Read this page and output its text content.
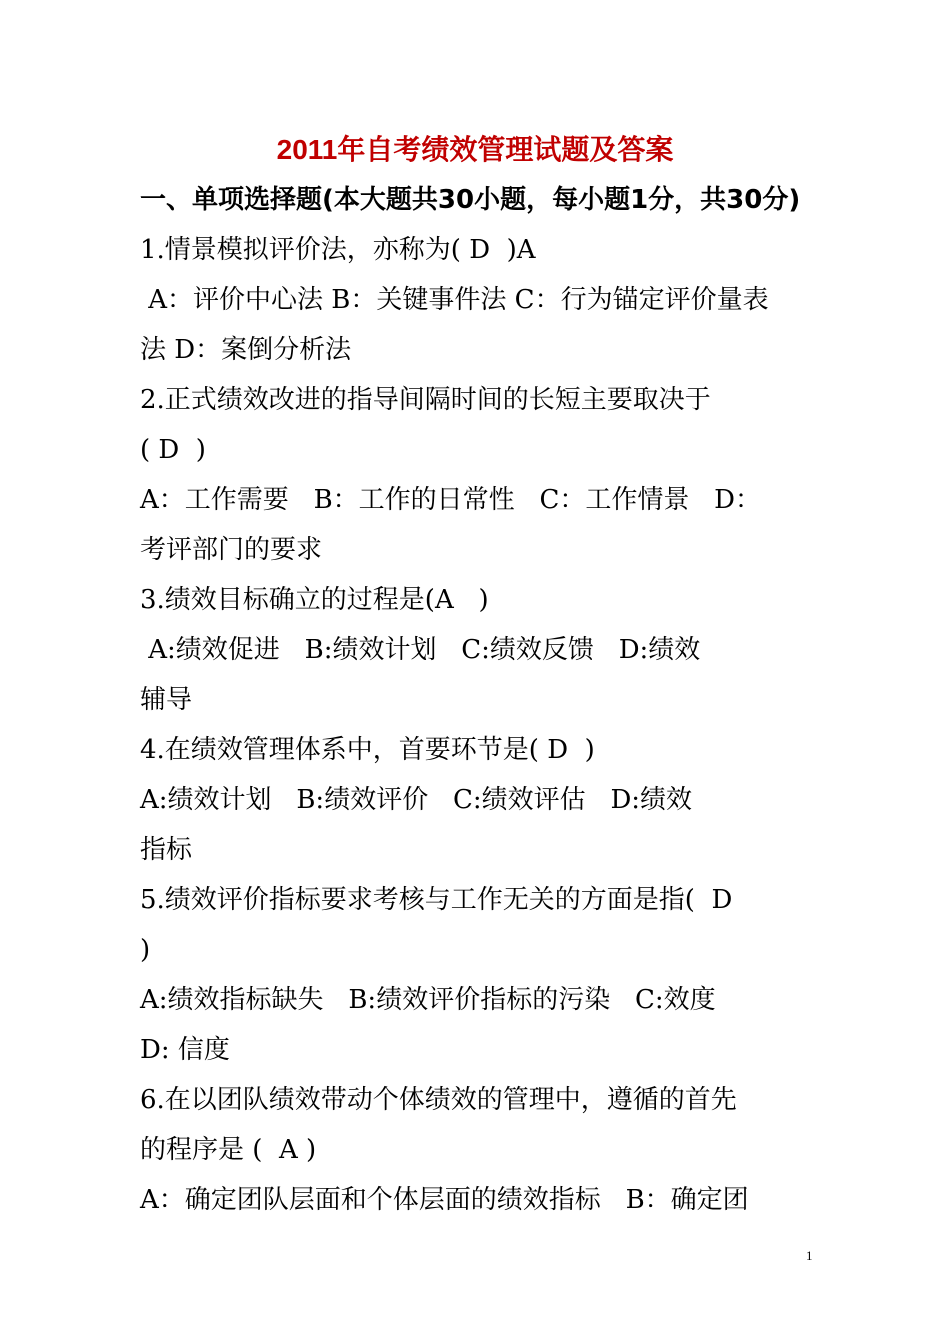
2011年自考绩效管理试题及答案
一、单项选择题(本大题共30小题，每小题1分，共30分)
1.情景模拟评价法，亦称为( D  )A
A：评价中心法 B：关键事件法 C：行为锚定评价量表
法 D：案倒分析法
2.正式绩效改进的指导间隔时间的长短主要取决于
( D  )
A：工作需要   B：工作的日常性   C：工作情景   D：
考评部门的要求
3.绩效目标确立的过程是(A   )
A:绩效促进   B:绩效计划   C:绩效反馈   D:绩效
辅导
4.在绩效管理体系中，首要环节是( D  )
A:绩效计划   B:绩效评价   C:绩效评估   D:绩效
指标
5.绩效评价指标要求考核与工作无关的方面是指(  D
)
A:绩效指标缺失   B:绩效评价指标的污染   C:效度
D: 信度
6.在以团队绩效带动个体绩效的管理中，遵循的首先
的程序是 (  A )
A：确定团队层面和个体层面的绩效指标   B：确定团
1
